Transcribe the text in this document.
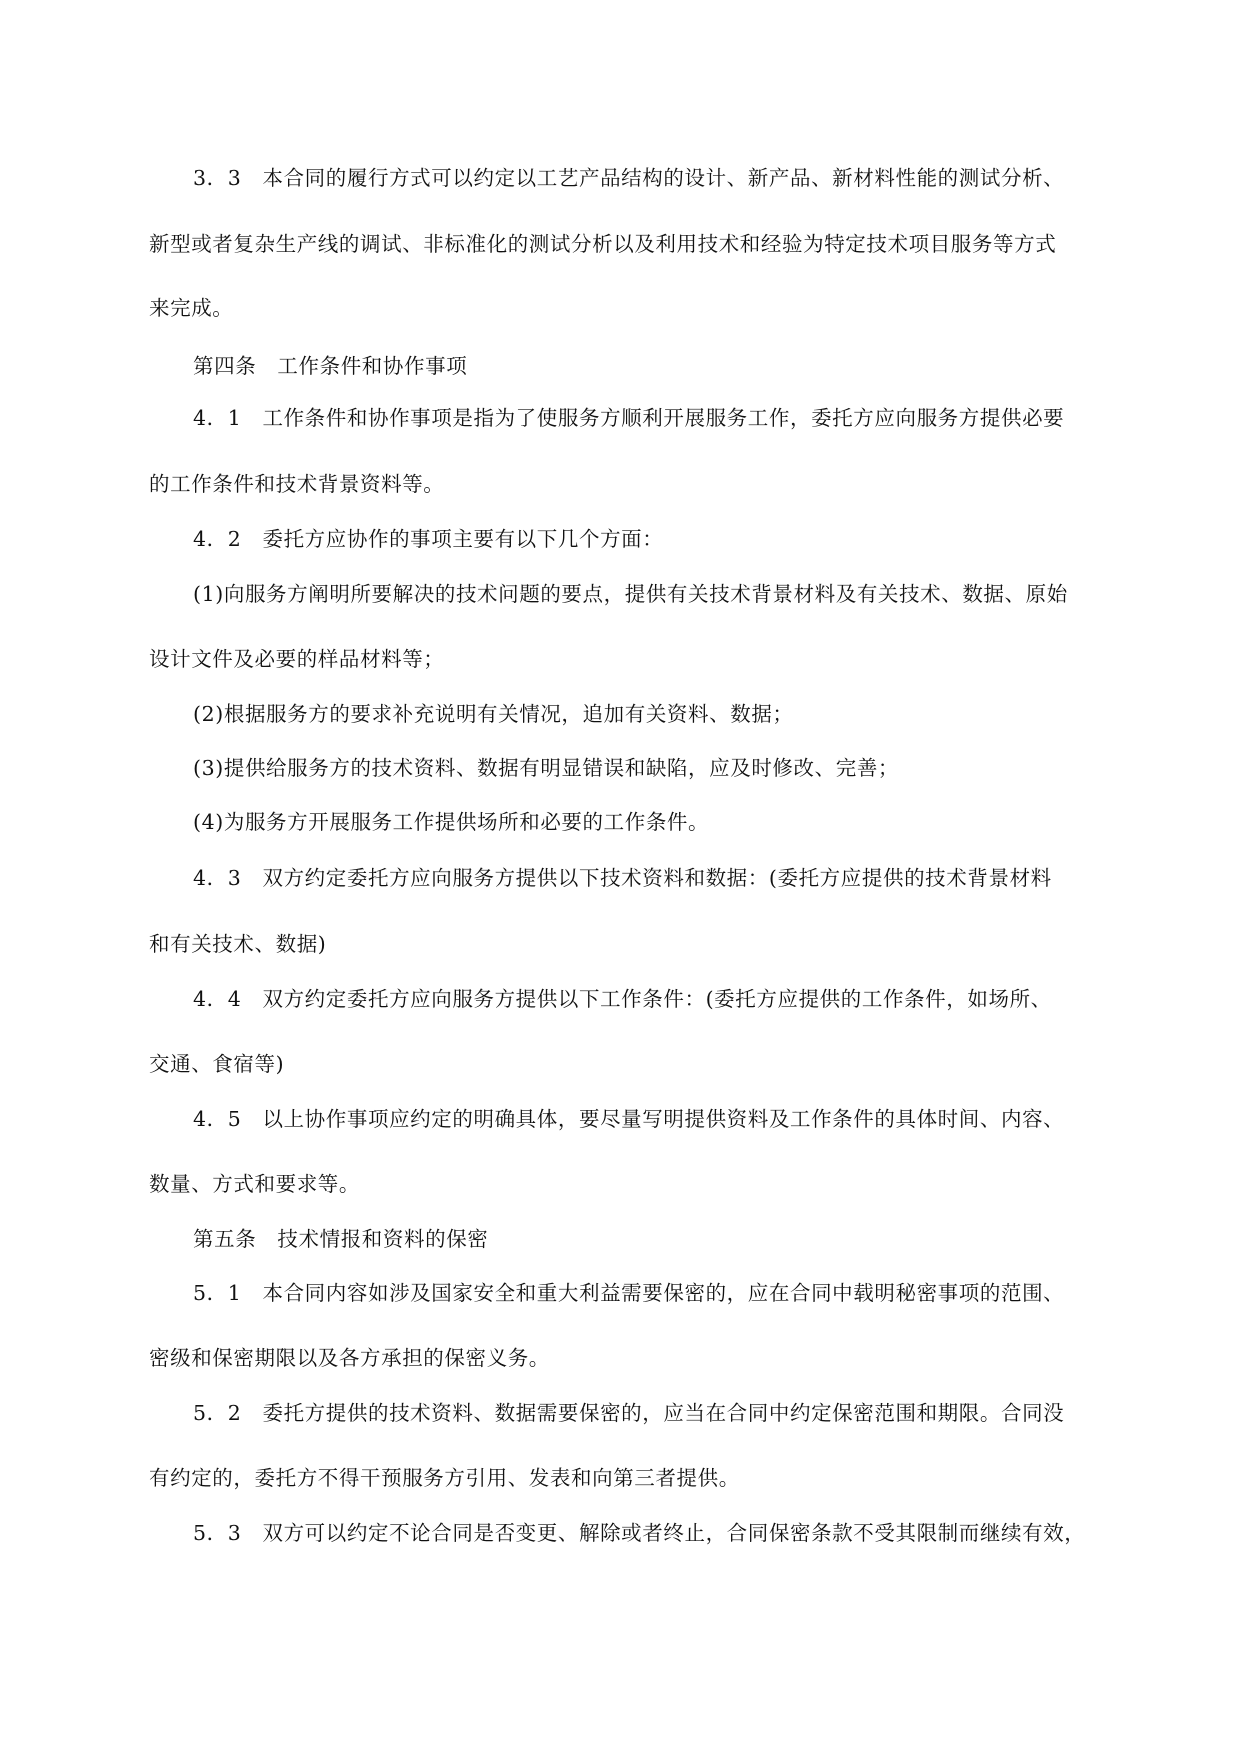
3．3　本合同的履行方式可以约定以工艺产品结构的设计、新产品、新材料性能的测试分析、

新型或者复杂生产线的调试、非标准化的测试分析以及利用技术和经验为特定技术项目服务等方式

来完成。

第四条　工作条件和协作事项

4．1　工作条件和协作事项是指为了使服务方顺利开展服务工作，委托方应向服务方提供必要

的工作条件和技术背景资料等。

4．2　委托方应协作的事项主要有以下几个方面：

(1)向服务方阐明所要解决的技术问题的要点，提供有关技术背景材料及有关技术、数据、原始

设计文件及必要的样品材料等；

(2)根据服务方的要求补充说明有关情况，追加有关资料、数据；

(3)提供给服务方的技术资料、数据有明显错误和缺陷，应及时修改、完善；

(4)为服务方开展服务工作提供场所和必要的工作条件。

4．3　双方约定委托方应向服务方提供以下技术资料和数据：(委托方应提供的技术背景材料

和有关技术、数据)

4．4　双方约定委托方应向服务方提供以下工作条件：(委托方应提供的工作条件，如场所、

交通、食宿等)

4．5　以上协作事项应约定的明确具体，要尽量写明提供资料及工作条件的具体时间、内容、

数量、方式和要求等。

第五条　技术情报和资料的保密

5．1　本合同内容如涉及国家安全和重大利益需要保密的，应在合同中载明秘密事项的范围、

密级和保密期限以及各方承担的保密义务。

5．2　委托方提供的技术资料、数据需要保密的，应当在合同中约定保密范围和期限。合同没

有约定的，委托方不得干预服务方引用、发表和向第三者提供。

5．3　双方可以约定不论合同是否变更、解除或者终止，合同保密条款不受其限制而继续有效，
